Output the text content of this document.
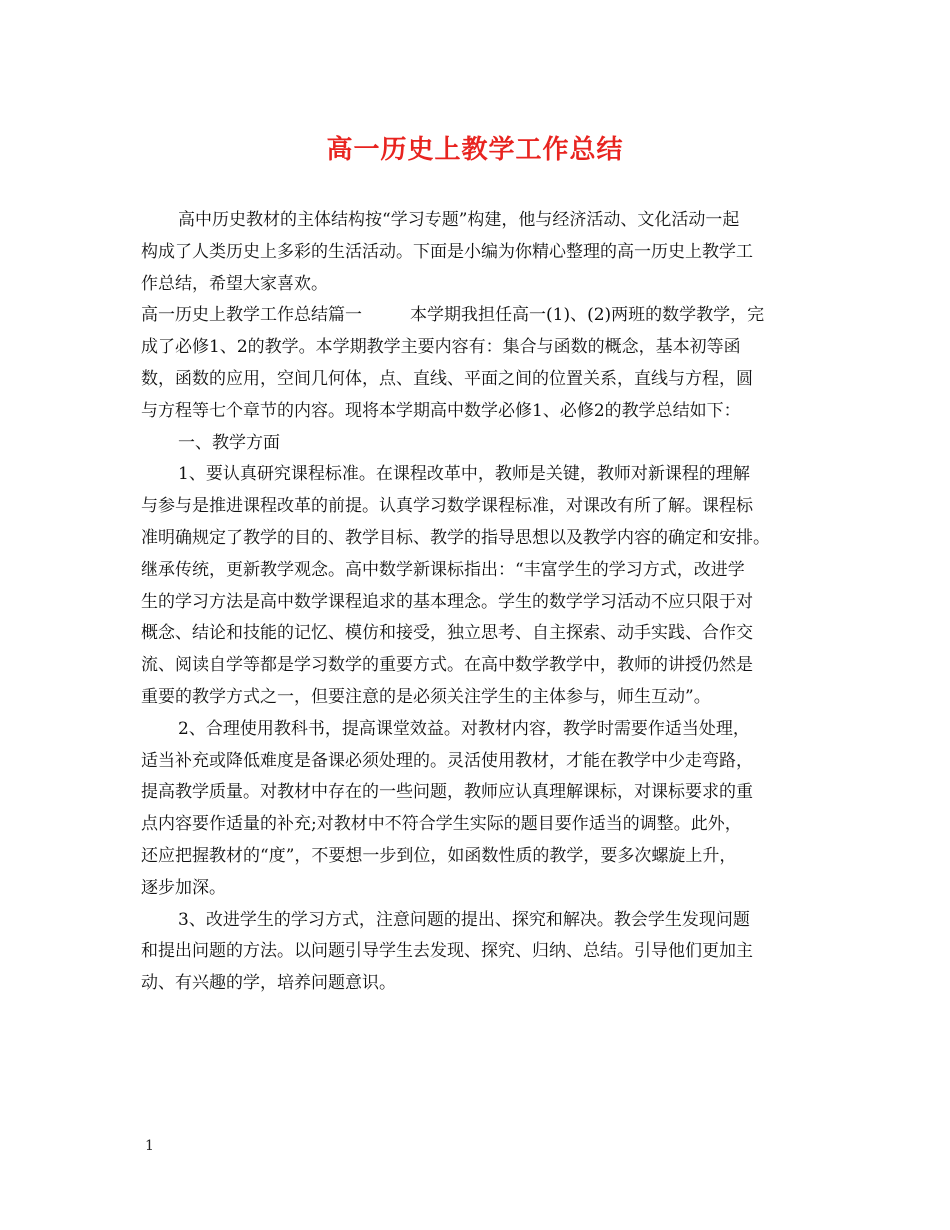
高一历史上教学工作总结
高中历史教材的主体结构按“学习专题”构建，他与经济活动、文化活动一起
构成了人类历史上多彩的生活活动。下面是小编为你精心整理的高一历史上教学工
作总结，希望大家喜欢。
高一历史上教学工作总结篇一	本学期我担任高一(1)、(2)两班的数学教学，完
成了必修1、2的教学。本学期教学主要内容有：集合与函数的概念，基本初等函
数，函数的应用，空间几何体，点、直线、平面之间的位置关系，直线与方程，圆
与方程等七个章节的内容。现将本学期高中数学必修1、必修2的教学总结如下：
一、教学方面
1、要认真研究课程标准。在课程改革中，教师是关键，教师对新课程的理解
与参与是推进课程改革的前提。认真学习数学课程标准，对课改有所了解。课程标
准明确规定了教学的目的、教学目标、教学的指导思想以及教学内容的确定和安排。
继承传统，更新教学观念。高中数学新课标指出：“丰富学生的学习方式，改进学
生的学习方法是高中数学课程追求的基本理念。学生的数学学习活动不应只限于对
概念、结论和技能的记忆、模仿和接受，独立思考、自主探索、动手实践、合作交
流、阅读自学等都是学习数学的重要方式。在高中数学教学中，教师的讲授仍然是
重要的教学方式之一，但要注意的是必须关注学生的主体参与，师生互动”。
2、合理使用教科书，提高课堂效益。对教材内容，教学时需要作适当处理，
适当补充或降低难度是备课必须处理的。灵活使用教材，才能在教学中少走弯路，
提高教学质量。对教材中存在的一些问题，教师应认真理解课标，对课标要求的重
点内容要作适量的补充;对教材中不符合学生实际的题目要作适当的调整。此外，
还应把握教材的“度”，不要想一步到位，如函数性质的教学，要多次螺旋上升，
逐步加深。
3、改进学生的学习方式，注意问题的提出、探究和解决。教会学生发现问题
和提出问题的方法。以问题引导学生去发现、探究、归纳、总结。引导他们更加主
动、有兴趣的学，培养问题意识。
1
